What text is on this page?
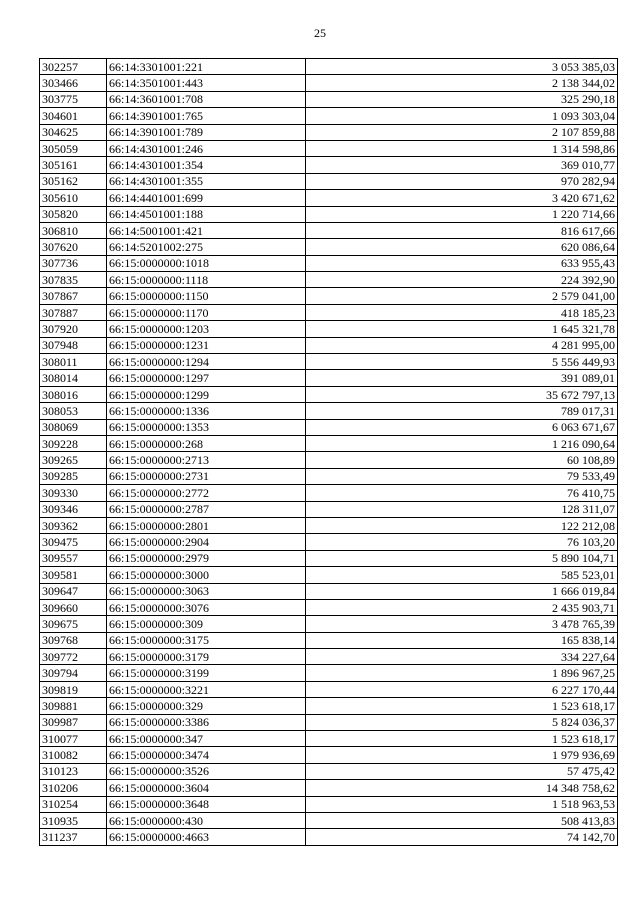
25
302257	66:14:3301001:221	3 053 385,03
303466	66:14:3501001:443	2 138 344,02
303775	66:14:3601001:708	325 290,18
304601	66:14:3901001:765	1 093 303,04
304625	66:14:3901001:789	2 107 859,88
305059	66:14:4301001:246	1 314 598,86
305161	66:14:4301001:354	369 010,77
305162	66:14:4301001:355	970 282,94
305610	66:14:4401001:699	3 420 671,62
305820	66:14:4501001:188	1 220 714,66
306810	66:14:5001001:421	816 617,66
307620	66:14:5201002:275	620 086,64
307736	66:15:0000000:1018	633 955,43
307835	66:15:0000000:1118	224 392,90
307867	66:15:0000000:1150	2 579 041,00
307887	66:15:0000000:1170	418 185,23
307920	66:15:0000000:1203	1 645 321,78
307948	66:15:0000000:1231	4 281 995,00
308011	66:15:0000000:1294	5 556 449,93
308014	66:15:0000000:1297	391 089,01
308016	66:15:0000000:1299	35 672 797,13
308053	66:15:0000000:1336	789 017,31
308069	66:15:0000000:1353	6 063 671,67
309228	66:15:0000000:268	1 216 090,64
309265	66:15:0000000:2713	60 108,89
309285	66:15:0000000:2731	79 533,49
309330	66:15:0000000:2772	76 410,75
309346	66:15:0000000:2787	128 311,07
309362	66:15:0000000:2801	122 212,08
309475	66:15:0000000:2904	76 103,20
309557	66:15:0000000:2979	5 890 104,71
309581	66:15:0000000:3000	585 523,01
309647	66:15:0000000:3063	1 666 019,84
309660	66:15:0000000:3076	2 435 903,71
309675	66:15:0000000:309	3 478 765,39
309768	66:15:0000000:3175	165 838,14
309772	66:15:0000000:3179	334 227,64
309794	66:15:0000000:3199	1 896 967,25
309819	66:15:0000000:3221	6 227 170,44
309881	66:15:0000000:329	1 523 618,17
309987	66:15:0000000:3386	5 824 036,37
310077	66:15:0000000:347	1 523 618,17
310082	66:15:0000000:3474	1 979 936,69
310123	66:15:0000000:3526	57 475,42
310206	66:15:0000000:3604	14 348 758,62
310254	66:15:0000000:3648	1 518 963,53
310935	66:15:0000000:430	508 413,83
311237	66:15:0000000:4663	74 142,70
